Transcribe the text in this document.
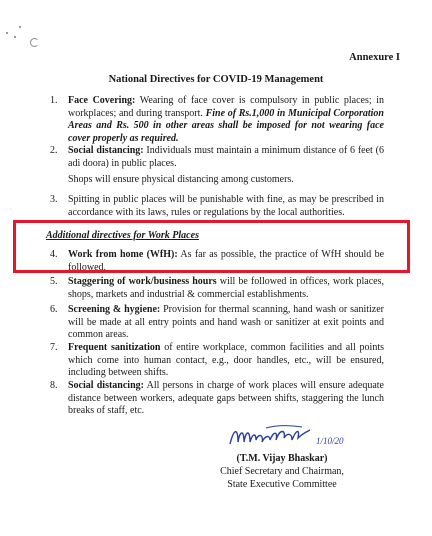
Annexure I
National Directives for COVID-19 Management
1.	Face Covering: Wearing of face cover is compulsory in public places; in workplaces; and during transport. Fine of Rs.1,000 in Municipal Corporation Areas and Rs. 500 in other areas shall be imposed for not wearing face cover properly as required.
2.	Social distancing: Individuals must maintain a minimum distance of 6 feet (6 adi doora) in public places.
Shops will ensure physical distancing among customers.
3.	Spitting in public places will be punishable with fine, as may be prescribed in accordance with its laws, rules or regulations by the local authorities.
Additional directives for Work Places
4.	Work from home (WfH): As far as possible, the practice of WfH should be followed.
5.	Staggering of work/business hours will be followed in offices, work places, shops, markets and industrial & commercial establishments.
6.	Screening & hygiene: Provision for thermal scanning, hand wash or sanitizer will be made at all entry points and hand wash or sanitizer at exit points and common areas.
7.	Frequent sanitization of entire workplace, common facilities and all points which come into human contact, e.g., door handles, etc., will be ensured, including between shifts.
8.	Social distancing: All persons in charge of work places will ensure adequate distance between workers, adequate gaps between shifts, staggering the lunch breaks of staff, etc.
1/10/20
(T.M. Vijay Bhaskar)
Chief Secretary and Chairman,
State Executive Committee
